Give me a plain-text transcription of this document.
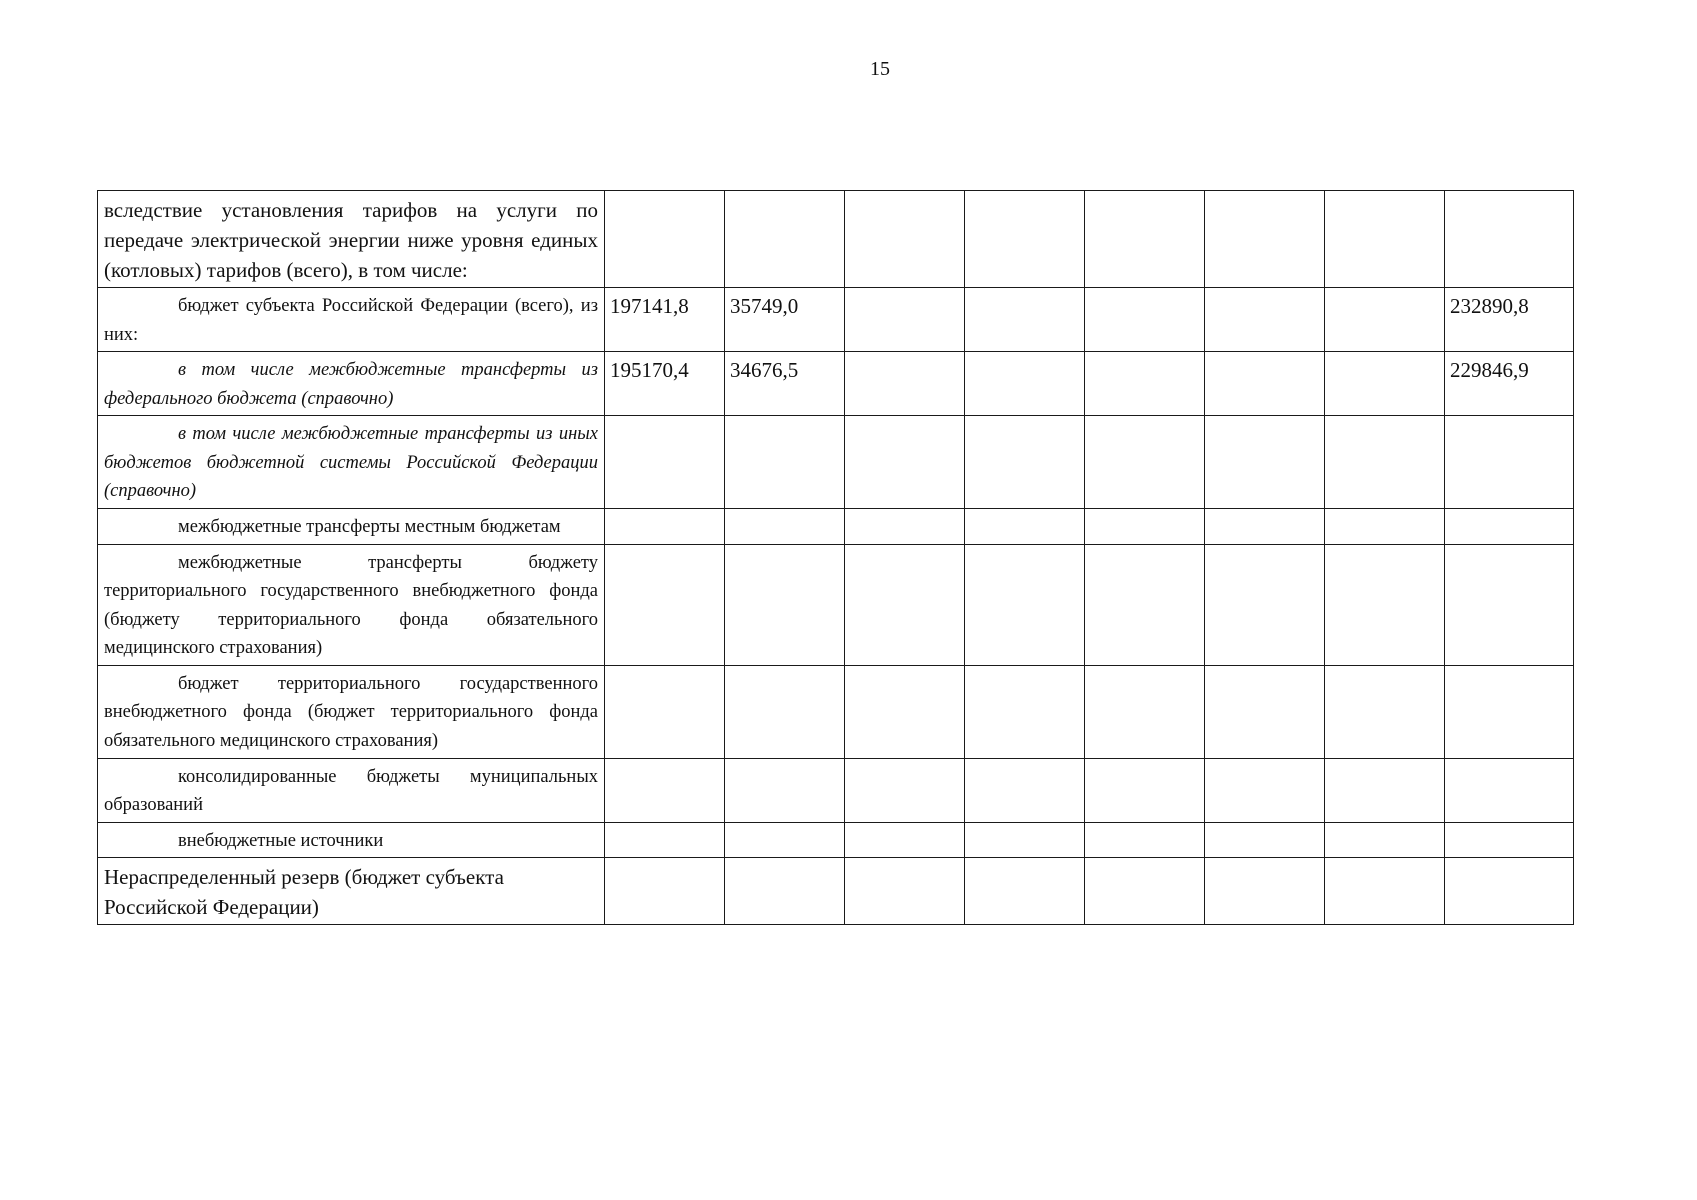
15
вследствие установления тарифов на услуги по передаче электрической энергии ниже уровня единых (котловых) тарифов (всего), в том числе:								
бюджет субъекта Российской Федерации (всего), из них:	197141,8	35749,0						232890,8
в том числе межбюджетные трансферты из федерального бюджета (справочно)	195170,4	34676,5						229846,9
в том числе межбюджетные трансферты из иных бюджетов бюджетной системы Российской Федерации (справочно)								
межбюджетные трансферты местным бюджетам								
межбюджетные трансферты бюджету территориального государственного внебюджетного фонда (бюджету территориального фонда обязательного медицинского страхования)								
бюджет территориального государственного внебюджетного фонда (бюджет территориального фонда обязательного медицинского страхования)								
консолидированные бюджеты муниципальных образований								
внебюджетные источники								
Нераспределенный резерв (бюджет субъекта Российской Федерации)								
